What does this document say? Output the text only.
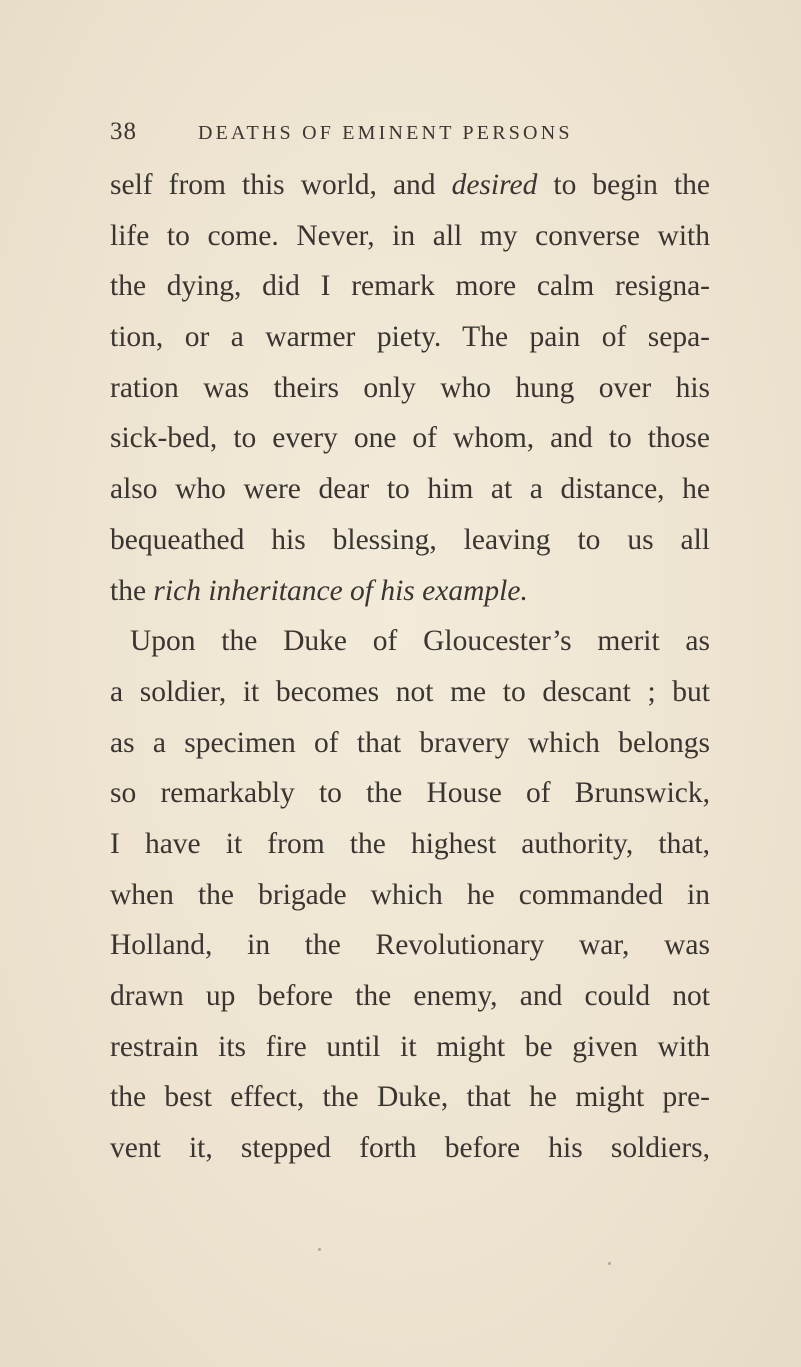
38	DEATHS OF EMINENT PERSONS
self from this world, and desired to begin the
life to come. Never, in all my converse with
the dying, did I remark more calm resigna-
tion, or a warmer piety. The pain of sepa-
ration was theirs only who hung over his
sick-bed, to every one of whom, and to those
also who were dear to him at a distance, he
bequeathed his blessing, leaving to us all
the rich inheritance of his example.
Upon the Duke of Gloucester’s merit as
a soldier, it becomes not me to descant ; but
as a specimen of that bravery which belongs
so remarkably to the House of Brunswick,
I have it from the highest authority, that,
when the brigade which he commanded in
Holland, in the Revolutionary war, was
drawn up before the enemy, and could not
restrain its fire until it might be given with
the best effect, the Duke, that he might pre-
vent it, stepped forth before his soldiers,
